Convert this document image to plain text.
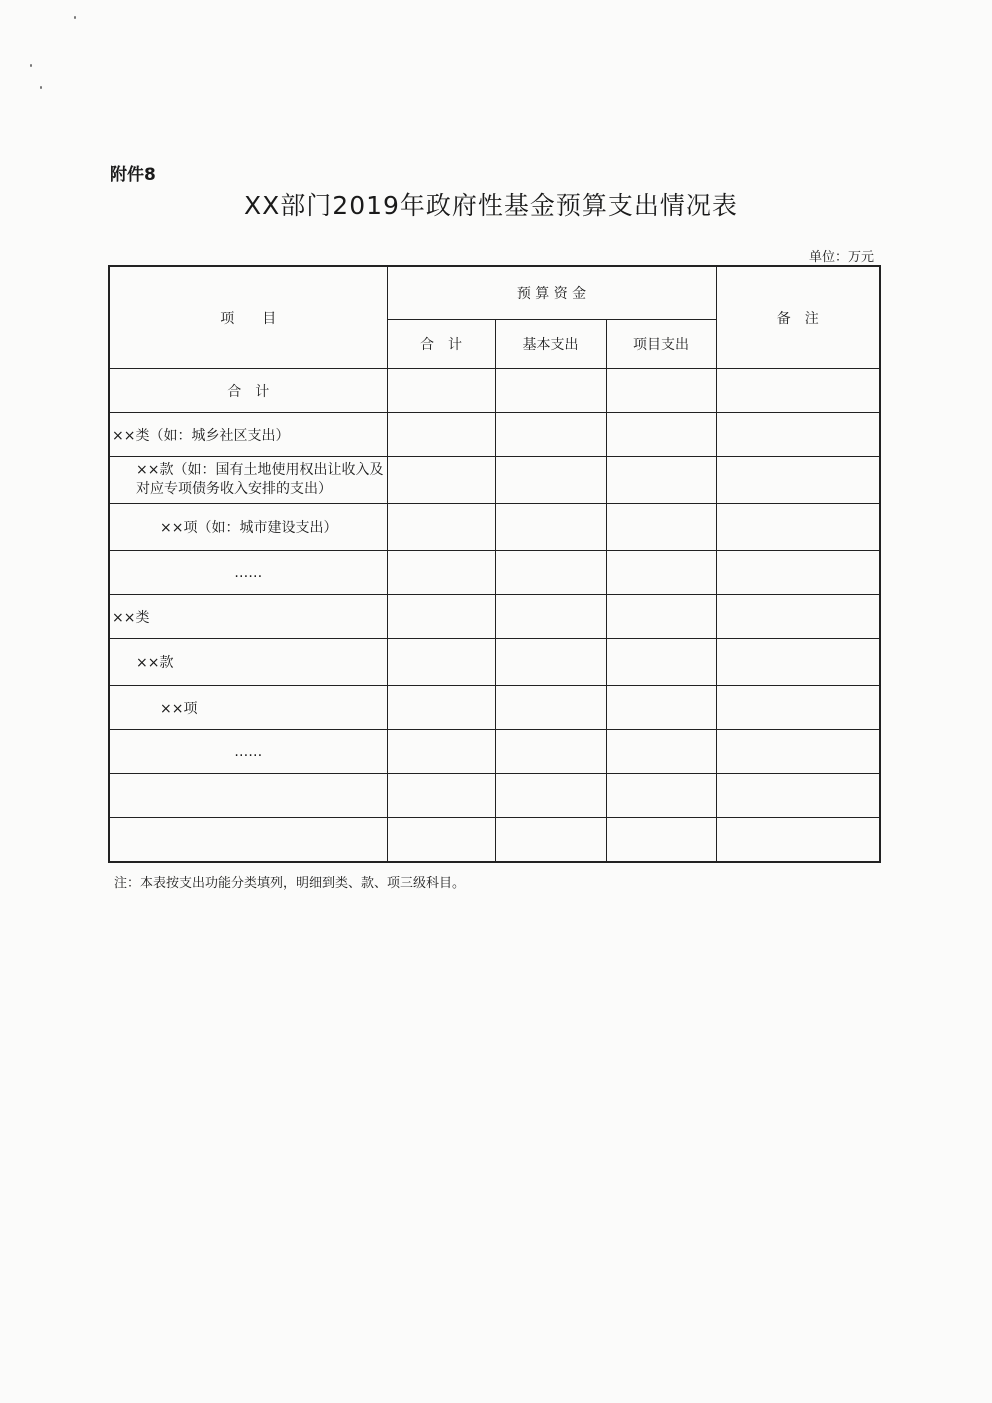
附件8
XX部门2019年政府性基金预算支出情况表
单位：万元
项　　目	预 算 资 金			备　注
	合　计	基本支出	项目支出	
合　计				
××类（如：城乡社区支出）				
××款（如：国有土地使用权出让收入及对应专项债务收入安排的支出）				
××项（如：城市建设支出）				
……				
××类				
××款				
××项				
……				

注：本表按支出功能分类填列，明细到类、款、项三级科目。
